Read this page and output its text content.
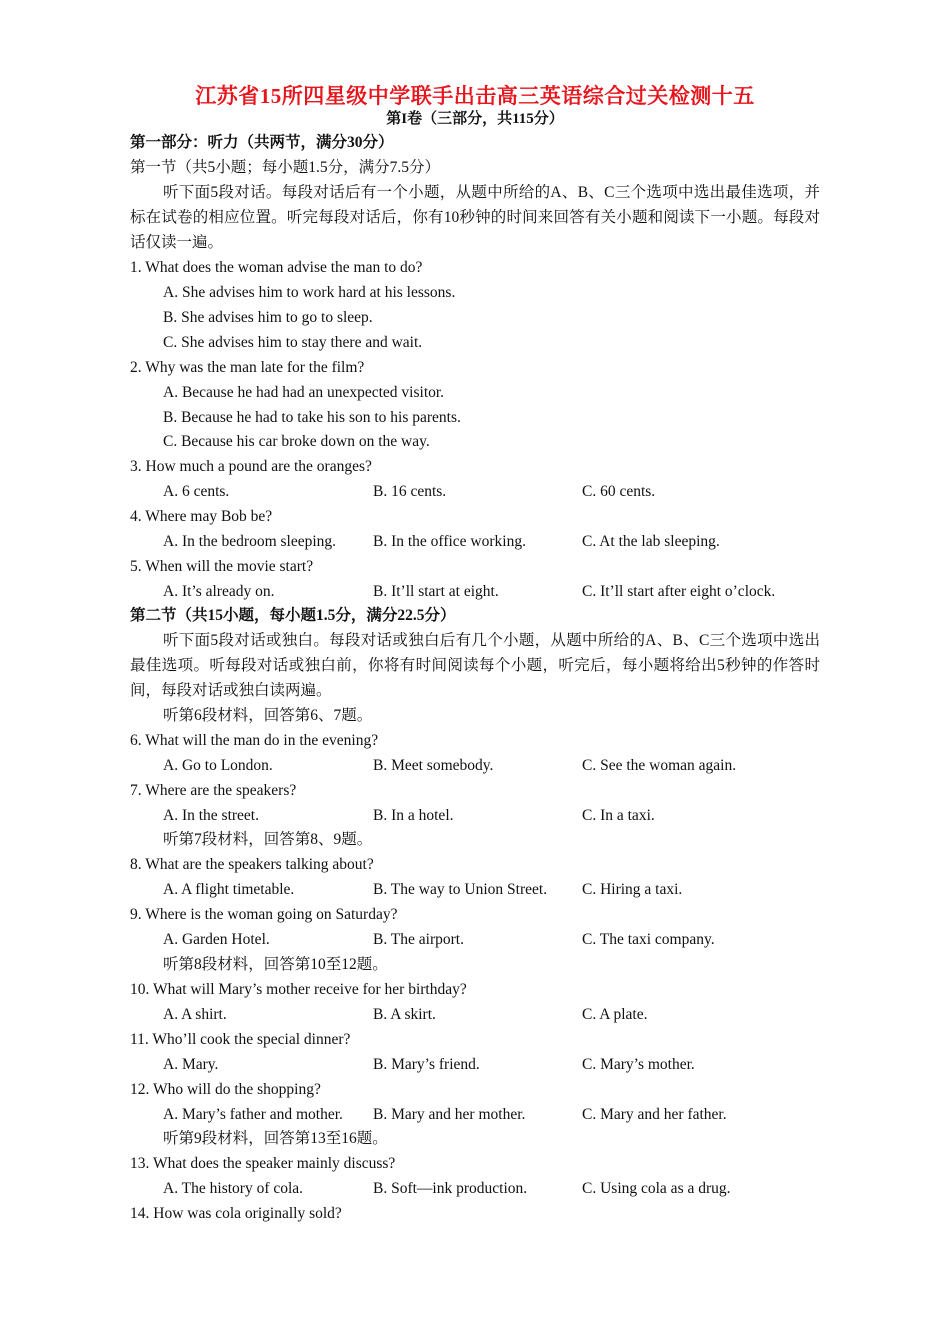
江苏省15所四星级中学联手出击高三英语综合过关检测十五
第I卷（三部分，共115分）
第一部分：听力（共两节，满分30分）
第一节（共5小题；每小题1.5分，满分7.5分）
听下面5段对话。每段对话后有一个小题，从题中所给的A、B、C三个选项中选出最佳选项，并标在试卷的相应位置。听完每段对话后，你有10秒钟的时间来回答有关小题和阅读下一小题。每段对话仅读一遍。
1. What does the woman advise the man to do?
A. She advises him to work hard at his lessons.
B. She advises him to go to sleep.
C. She advises him to stay there and wait.
2. Why was the man late for the film?
A. Because he had had an unexpected visitor.
B. Because he had to take his son to his parents.
C. Because his car broke down on the way.
3. How much a pound are the oranges?
A. 6 cents.	B. 16 cents.	C. 60 cents.
4. Where may Bob be?
A. In the bedroom sleeping. B. In the office working.	C. At the lab sleeping.
5. When will the movie start?
A. It’s already on.	B. It’ll start at eight.	C. It’ll start after eight o’clock.
第二节（共15小题，每小题1.5分，满分22.5分）
听下面5段对话或独白。每段对话或独白后有几个小题，从题中所给的A、B、C三个选项中选出最佳选项。听每段对话或独白前，你将有时间阅读每个小题，听完后，每小题将给出5秒钟的作答时间，每段对话或独白读两遍。
听第6段材料，回答第6、7题。
6. What will the man do in the evening?
A. Go to London.	B. Meet somebody.	C. See the woman again.
7. Where are the speakers?
A. In the street.	B. In a hotel.	C. In a taxi.
听第7段材料，回答第8、9题。
8. What are the speakers talking about?
A. A flight timetable.	B. The way to Union Street. C. Hiring a taxi.
9. Where is the woman going on Saturday?
A. Garden Hotel.	B. The airport.	C. The taxi company.
听第8段材料，回答第10至12题。
10. What will Mary’s mother receive for her birthday?
A. A shirt.	B. A skirt.	C. A plate.
11. Who’ll cook the special dinner?
A. Mary.	B. Mary’s friend.	C. Mary’s mother.
12. Who will do the shopping?
A. Mary’s father and mother. B. Mary and her mother.	C. Mary and her father.
听第9段材料，回答第13至16题。
13. What does the speaker mainly discuss?
A. The history of cola.	B. Soft—ink production.	C. Using cola as a drug.
14. How was cola originally sold?
